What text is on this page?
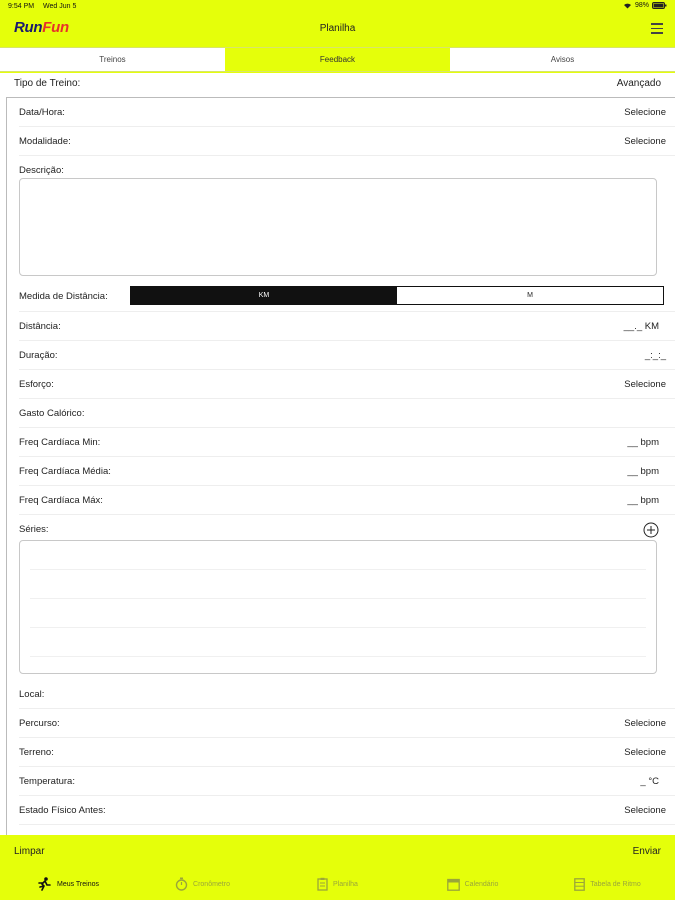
9:54 PM Wed Jun 5	98%
RunFun	Planilha
Treinos	Feedback	Avisos
Tipo de Treino:	Avançado
Data/Hora:	Selecione
Modalidade:	Selecione
Descrição:
Medida de Distância:	KM	M
Distância:	__._ KM
Duração:	_:_:_
Esforço:	Selecione
Gasto Calórico:
Freq Cardíaca Min:	__ bpm
Freq Cardíaca Média:	__ bpm
Freq Cardíaca Máx:	__ bpm
Séries:
Local:
Percurso:	Selecione
Terreno:	Selecione
Temperatura:	_ °C
Estado Físico Antes:	Selecione
Limpar	Enviar
Meus Treinos	Cronômetro	Planilha	Calendário	Tabela de Ritmo
